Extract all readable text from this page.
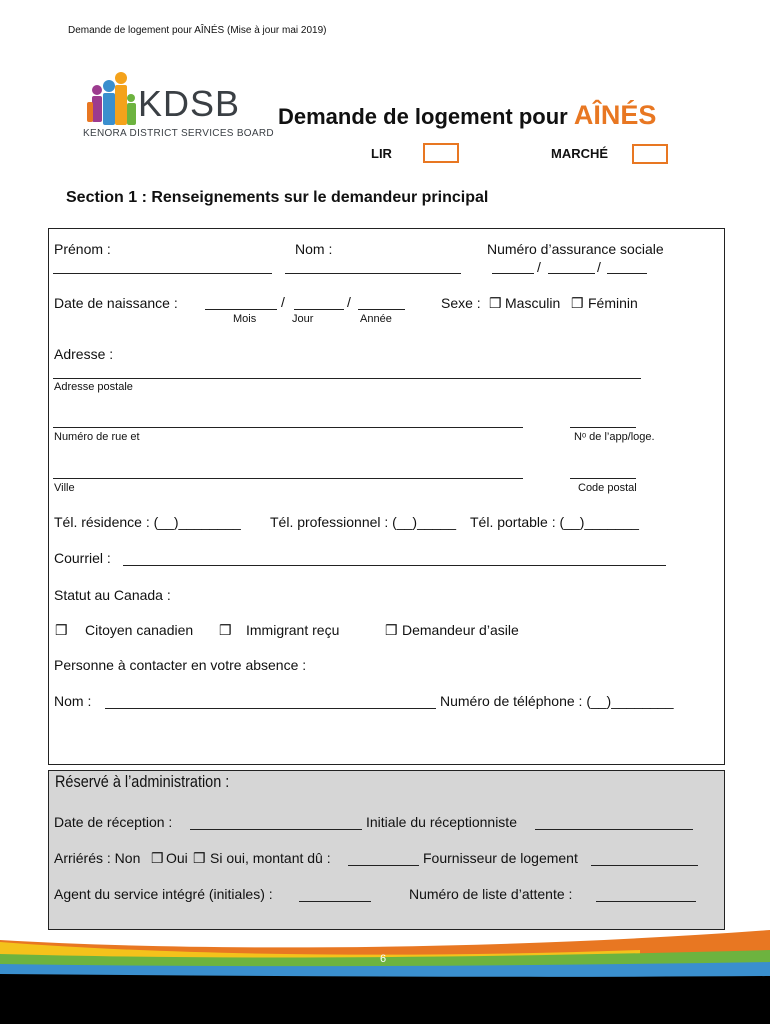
Demande de logement pour AÎNÉS (Mise à jour mai 2019)
KDSB
KENORA DISTRICT SERVICES BOARD
Demande de logement pour AÎNÉS
LIR	MARCHÉ
Section 1 : Renseignements sur le demandeur principal
Prénom :	Nom :	Numéro d’assurance sociale
/	/
Date de naissance :	/	/
Mois	Jour	Année
Sexe : ❒ Masculin ❒ Féminin
Adresse :
Adresse postale
Numéro de rue et	Nᵒ de l’app/loge.
Ville	Code postal
Tél. résidence : (__)________ Tél. professionnel : (__)_____ Tél. portable : (__)_______
Courriel :
Statut au Canada :
❒ Citoyen canadien ❒ Immigrant reçu	❒ Demandeur d’asile
Personne à contacter en votre absence :
Nom :	Numéro de téléphone : (__)________
Réservé à l’administration :
Date de réception :	Initiale du réceptionniste
Arriérés : Non ❒ Oui ❒ Si oui, montant dû :	Fournisseur de logement
Agent du service intégré (initiales) :	Numéro de liste d’attente :
6
